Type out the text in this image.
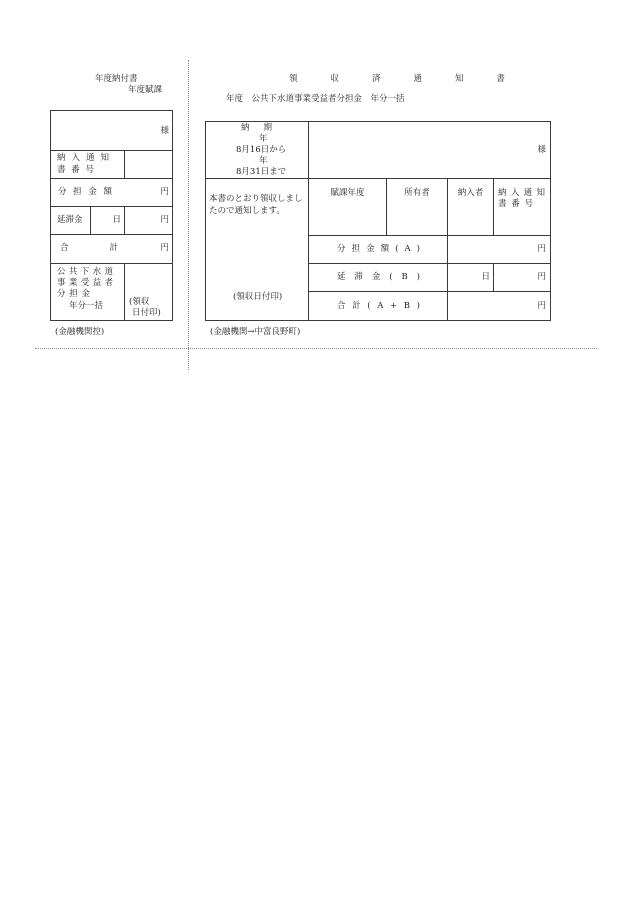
年度納付書
年度賦課
様
納 入 通 知
書 番 号
分 担 金 額	円
延滞金	日	円
合	計	円
公 共 下 水 道
事 業 受 益 者
分 担 金
年分一括	(領収
日付印)
(金融機関控)
領	収	済	通	知	書
年度　公共下水道事業受益者分担金　年分一括
納 期
年
8月16日から
年
8月31日まで
様
本書のとおり領収しまし
たので通知します。
(領収日付印)
賦課年度	所有者	納入者	納 入 通 知
書 番 号
分 担 金 額 ( A )	円
延 滞 金 ( B )	日	円
合 計 ( A + B )	円
(金融機関→中富良野町)
